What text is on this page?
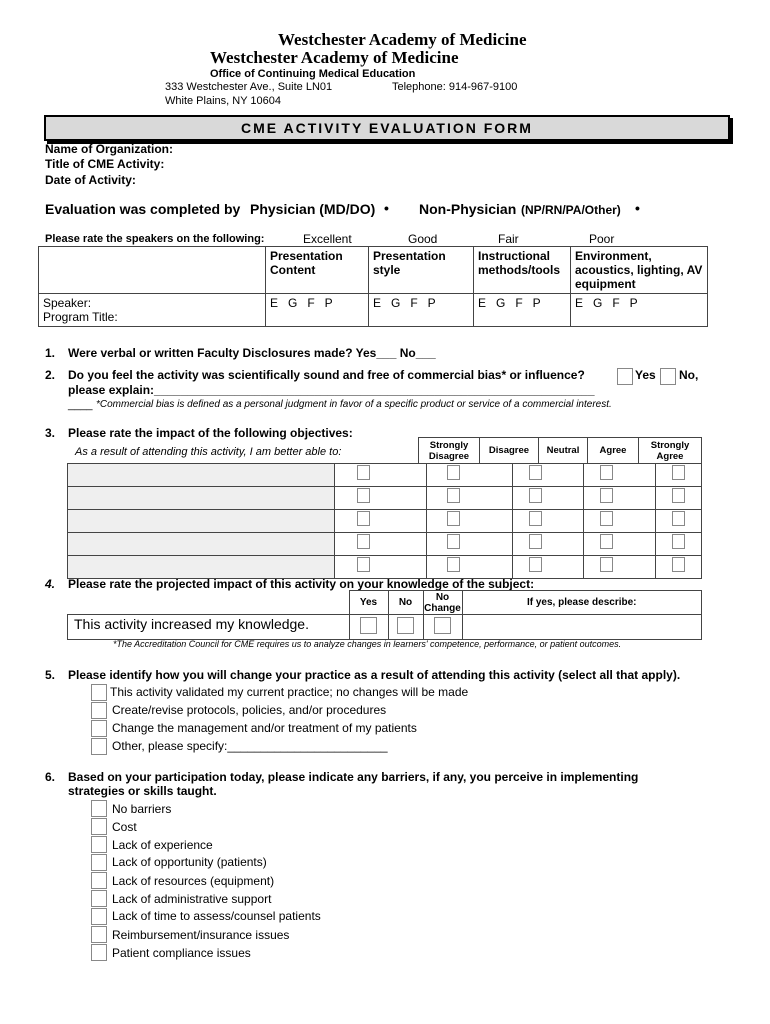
Westchester Academy of Medicine
Westchester Academy of Medicine
Office of Continuing Medical Education
333 Westchester Ave., Suite LN01	Telephone: 914-967-9100
White Plains, NY 10604
CME ACTIVITY EVALUATION FORM
Name of Organization:
Title of CME Activity:
Date of Activity:
Evaluation was completed by Physician (MD/DO) • Non-Physician (NP/RN/PA/Other) •
Please rate the speakers on the following:	Excellent	Good	Fair	Poor
	Presentation Content	Presentation style	Instructional methods/tools	Environment, acoustics, lighting, AV equipment

Speaker:
Program Title:	E   G   F   P	E   G   F   P	E   G   F   P	E   G   F   P
1. Were verbal or written Faculty Disclosures made? Yes___ No___
2. Do you feel the activity was scientifically sound and free of commercial bias* or influence?	Yes No,
please explain:__________________________________________________________________
____ *Commercial bias is defined as a personal judgment in favor of a specific product or service of a commercial interest.
3. Please rate the impact of the following objectives:
As a result of attending this activity, I am better able to:
Strongly Disagree	Disagree	Neutral	Agree	Strongly Agree

4. Please rate the projected impact of this activity on your knowledge of the subject:
	Yes	No	No Change	If yes, please describe:
This activity increased my knowledge.				
*The Accreditation Council for CME requires us to analyze changes in learners' competence, performance, or patient outcomes.
5. Please identify how you will change your practice as a result of attending this activity (select all that apply).
This activity validated my current practice; no changes will be made
Create/revise protocols, policies, and/or procedures
Change the management and/or treatment of my patients
Other, please specify:________________________
6. Based on your participation today, please indicate any barriers, if any, you perceive in implementing
strategies or skills taught.
No barriers
Cost
Lack of experience
Lack of opportunity (patients)
Lack of resources (equipment)
Lack of administrative support
Lack of time to assess/counsel patients
Reimbursement/insurance issues
Patient compliance issues
